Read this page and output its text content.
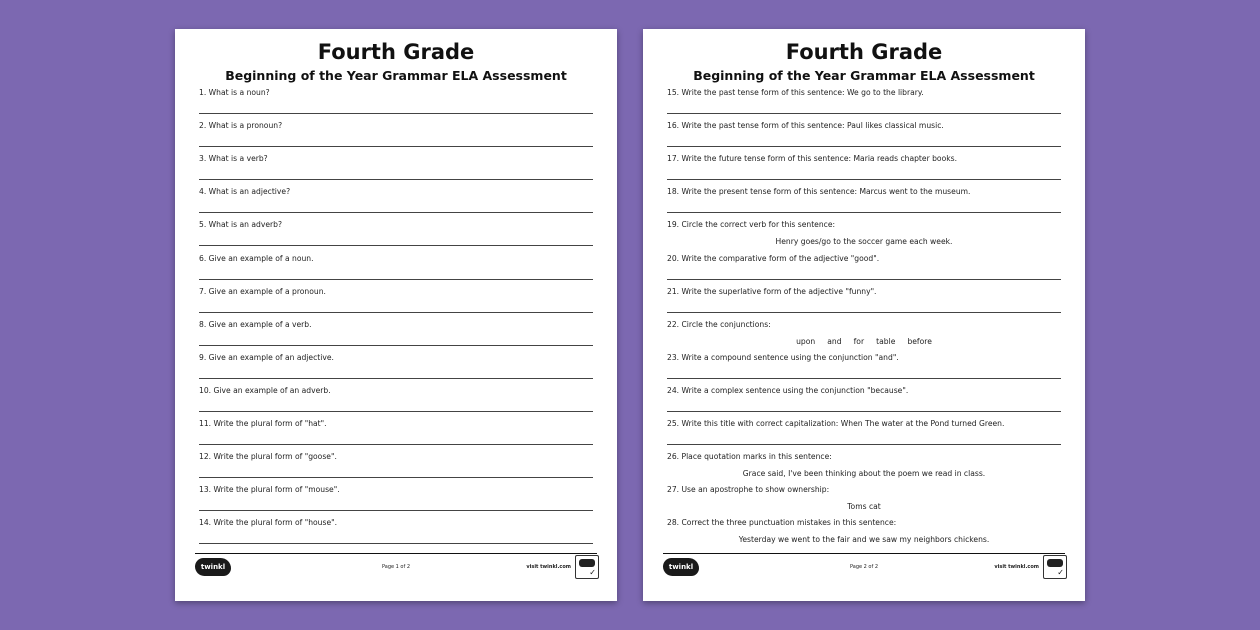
Fourth Grade
Beginning of the Year Grammar ELA Assessment
1. What is a noun?
2. What is a pronoun?
3. What is a verb?
4. What is an adjective?
5. What is an adverb?
6. Give an example of a noun.
7. Give an example of a pronoun.
8. Give an example of a verb.
9. Give an example of an adjective.
10. Give an example of an adverb.
11. Write the plural form of "hat".
12. Write the plural form of "goose".
13. Write the plural form of "mouse".
14. Write the plural form of "house".
twinkl	Page 1 of 2	visit twinkl.com
✓
Fourth Grade
Beginning of the Year Grammar ELA Assessment
15. Write the past tense form of this sentence: We go to the library.
16. Write the past tense form of this sentence: Paul likes classical music.
17. Write the future tense form of this sentence: Maria reads chapter books.
18. Write the present tense form of this sentence: Marcus went to the museum.
19. Circle the correct verb for this sentence:
Henry goes/go to the soccer game each week.
20. Write the comparative form of the adjective "good".
21. Write the superlative form of the adjective "funny".
22. Circle the conjunctions:
upon     and     for     table     before
23. Write a compound sentence using the conjunction "and".
24. Write a complex sentence using the conjunction "because".
25. Write this title with correct capitalization: When The water at the Pond turned Green.
26. Place quotation marks in this sentence:
Grace said, I've been thinking about the poem we read in class.
27. Use an apostrophe to show ownership:
Toms cat
28. Correct the three punctuation mistakes in this sentence:
Yesterday we went to the fair and we saw my neighbors chickens.
twinkl	Page 2 of 2	visit twinkl.com
✓
